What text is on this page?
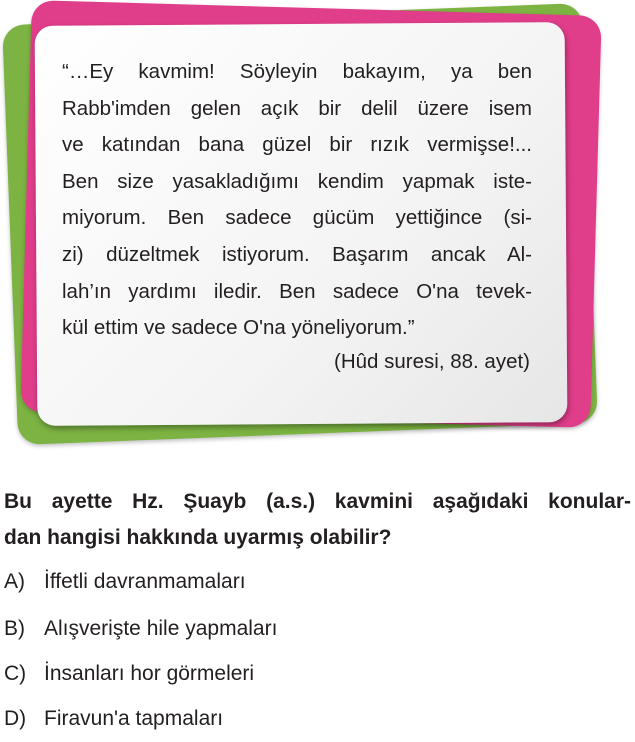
“…Ey kavmim! Söyleyin bakayım, ya ben
Rabb'imden gelen açık bir delil üzere isem
ve katından bana güzel bir rızık vermişse!...
Ben size yasakladığımı kendim yapmak iste-
miyorum. Ben sadece gücüm yettiğince (si-
zi) düzeltmek istiyorum. Başarım ancak Al-
lah’ın yardımı iledir. Ben sadece O'na tevek-
kül ettim ve sadece O'na yöneliyorum.”
(Hûd suresi, 88. ayet)
Bu ayette Hz. Şuayb (a.s.) kavmini aşağıdaki konular-
dan hangisi hakkında uyarmış olabilir?
A) İffetli davranmamaları
B) Alışverişte hile yapmaları
C) İnsanları hor görmeleri
D) Firavun'a tapmaları
